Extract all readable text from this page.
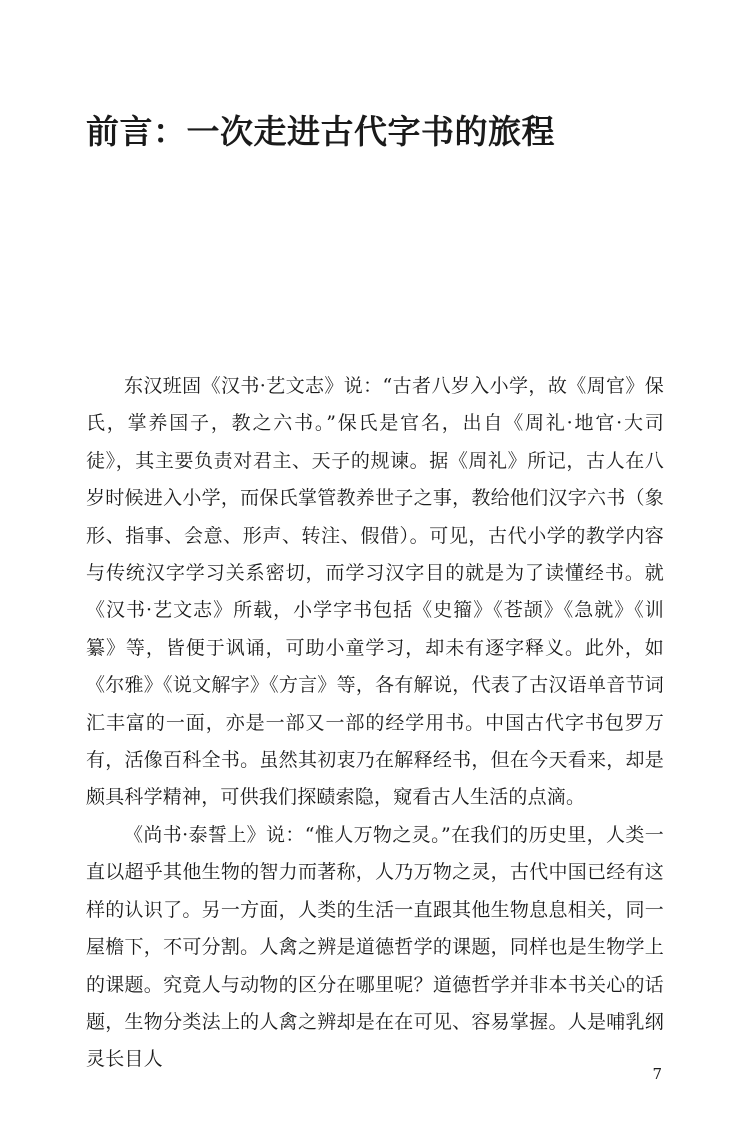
前言：一次走进古代字书的旅程

东汉班固《汉书·艺文志》说：“古者八岁入小学，故《周官》保氏，掌养国子，教之六书。”保氏是官名，出自《周礼·地官·大司徒》，其主要负责对君主、天子的规谏。据《周礼》所记，古人在八岁时候进入小学，而保氏掌管教养世子之事，教给他们汉字六书（象形、指事、会意、形声、转注、假借）。可见，古代小学的教学内容与传统汉字学习关系密切，而学习汉字目的就是为了读懂经书。就《汉书·艺文志》所载，小学字书包括《史籀》《苍颉》《急就》《训纂》等，皆便于讽诵，可助小童学习，却未有逐字释义。此外，如《尔雅》《说文解字》《方言》等，各有解说，代表了古汉语单音节词汇丰富的一面，亦是一部又一部的经学用书。中国古代字书包罗万有，活像百科全书。虽然其初衷乃在解释经书，但在今天看来，却是颇具科学精神，可供我们探赜索隐，窥看古人生活的点滴。

《尚书·泰誓上》说：“惟人万物之灵。”在我们的历史里，人类一直以超乎其他生物的智力而著称，人乃万物之灵，古代中国已经有这样的认识了。另一方面，人类的生活一直跟其他生物息息相关，同一屋檐下，不可分割。人禽之辨是道德哲学的课题，同样也是生物学上的课题。究竟人与动物的区分在哪里呢？道德哲学并非本书关心的话题，生物分类法上的人禽之辨却是在在可见、容易掌握。人是哺乳纲灵长目人

7
